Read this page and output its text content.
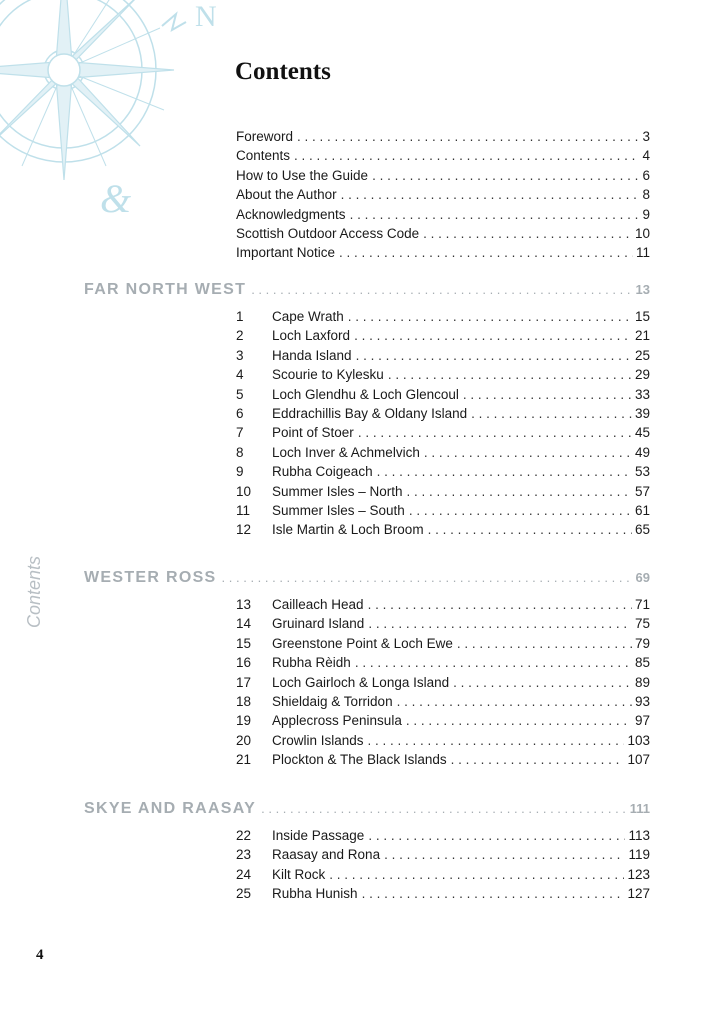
N
&
Contents
Contents
Foreword . . .	3
Contents . . .	4
How to Use the Guide . . .	6
About the Author . . .	8
Acknowledgments . . .	9
Scottish Outdoor Access Code . . .	10
Important Notice . . .	11
FAR NORTH WEST . . .	13
1	Cape Wrath . . .	15
2	Loch Laxford . . .	21
3	Handa Island . . .	25
4	Scourie to Kylesku . . .	29
5	Loch Glendhu & Loch Glencoul . . .	33
6	Eddrachillis Bay & Oldany Island . . .	39
7	Point of Stoer . . .	45
8	Loch Inver & Achmelvich . . .	49
9	Rubha Coigeach . . .	53
10	Summer Isles – North . . .	57
11	Summer Isles – South . . .	61
12	Isle Martin & Loch Broom . . .	65
WESTER ROSS . . .	69
13	Cailleach Head . . .	71
14	Gruinard Island . . .	75
15	Greenstone Point & Loch Ewe . . .	79
16	Rubha Rèidh . . .	85
17	Loch Gairloch & Longa Island . . .	89
18	Shieldaig & Torridon . . .	93
19	Applecross Peninsula . . .	97
20	Crowlin Islands . . .	103
21	Plockton & The Black Islands . . .	107
SKYE AND RAASAY . . .	111
22	Inside Passage . . .	113
23	Raasay and Rona . . .	119
24	Kilt Rock . . .	123
25	Rubha Hunish . . .	127
4
